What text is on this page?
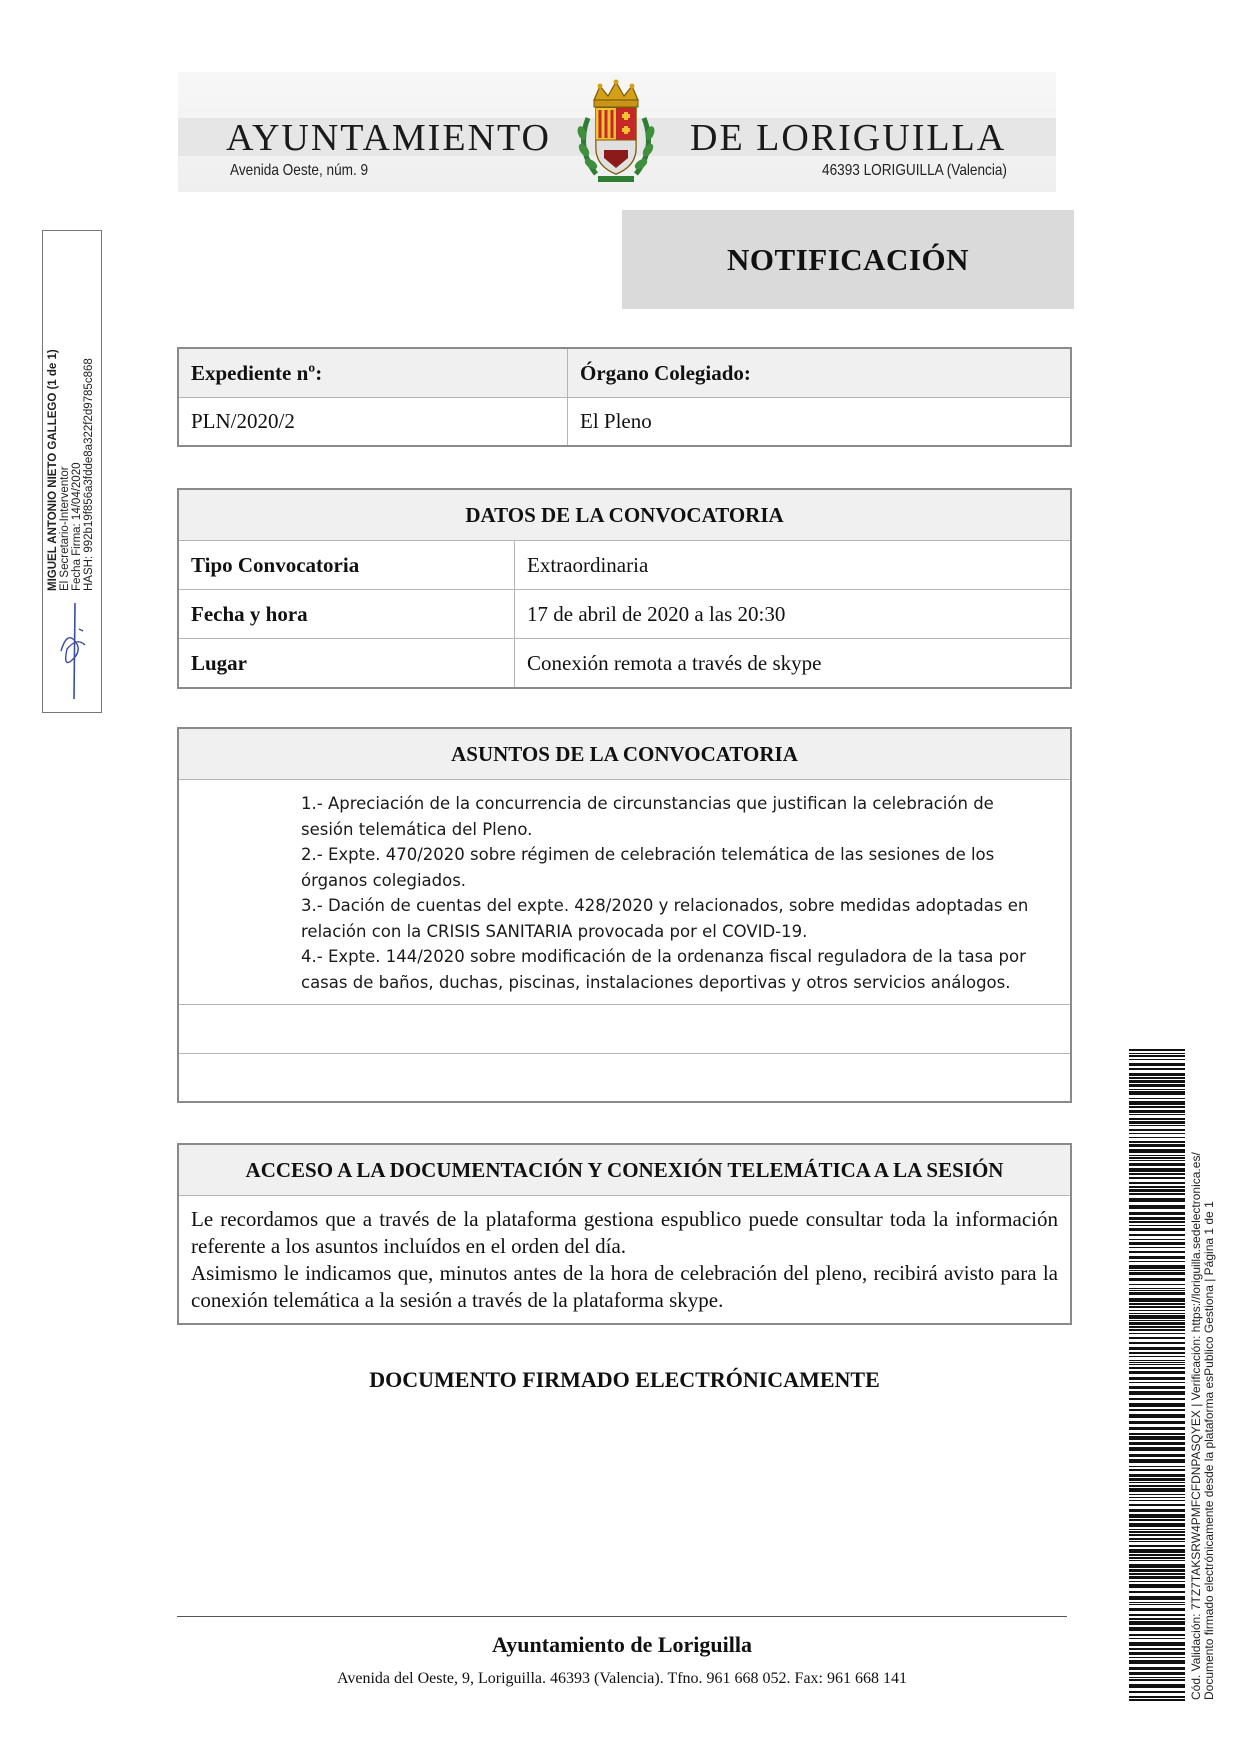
AYUNTAMIENTO	DE LORIGUILLA
Avenida Oeste, núm. 9	46393 LORIGUILLA (Valencia)
NOTIFICACIÓN
Expediente nº:	Órgano Colegiado:
PLN/2020/2	El Pleno
DATOS DE LA CONVOCATORIA
Tipo Convocatoria	Extraordinaria
Fecha y hora	17 de abril de 2020 a las 20:30
Lugar	Conexión remota a través de skype
ASUNTOS DE LA CONVOCATORIA
1.- Apreciación de la concurrencia de circunstancias que justifican la celebración de
sesión telemática del Pleno.
2.- Expte. 470/2020 sobre régimen de celebración telemática de las sesiones de los
órganos colegiados.
3.- Dación de cuentas del expte. 428/2020 y relacionados, sobre medidas adoptadas en
relación con la CRISIS SANITARIA provocada por el COVID-19.
4.- Expte. 144/2020 sobre modificación de la ordenanza fiscal reguladora de la tasa por
casas de baños, duchas, piscinas, instalaciones deportivas y otros servicios análogos.
ACCESO A LA DOCUMENTACIÓN Y CONEXIÓN TELEMÁTICA A LA SESIÓN
Le recordamos que a través de la plataforma gestiona espublico puede consultar toda la información referente a los asuntos incluídos en el orden del día.
Asimismo le indicamos que, minutos antes de la hora de celebración del pleno, recibirá avisto para la conexión telemática a la sesión a través de la plataforma skype.
DOCUMENTO FIRMADO ELECTRÓNICAMENTE
Ayuntamiento de Loriguilla
Avenida del Oeste, 9, Loriguilla. 46393 (Valencia). Tfno. 961 668 052. Fax: 961 668 141
MIGUEL ANTONIO NIETO GALLEGO (1 de 1) El Secretario-Interventor Fecha Firma: 14/04/2020 HASH: 992b19f856a3fdde8a322f2d9785c868
Cód. Validación: 7TZ7TAKSRW4PMFCFDNPASQYEX | Verificación: https://loriguilla.sedelectronica.es/ Documento firmado electrónicamente desde la plataforma esPublico Gestiona | Página 1 de 1
